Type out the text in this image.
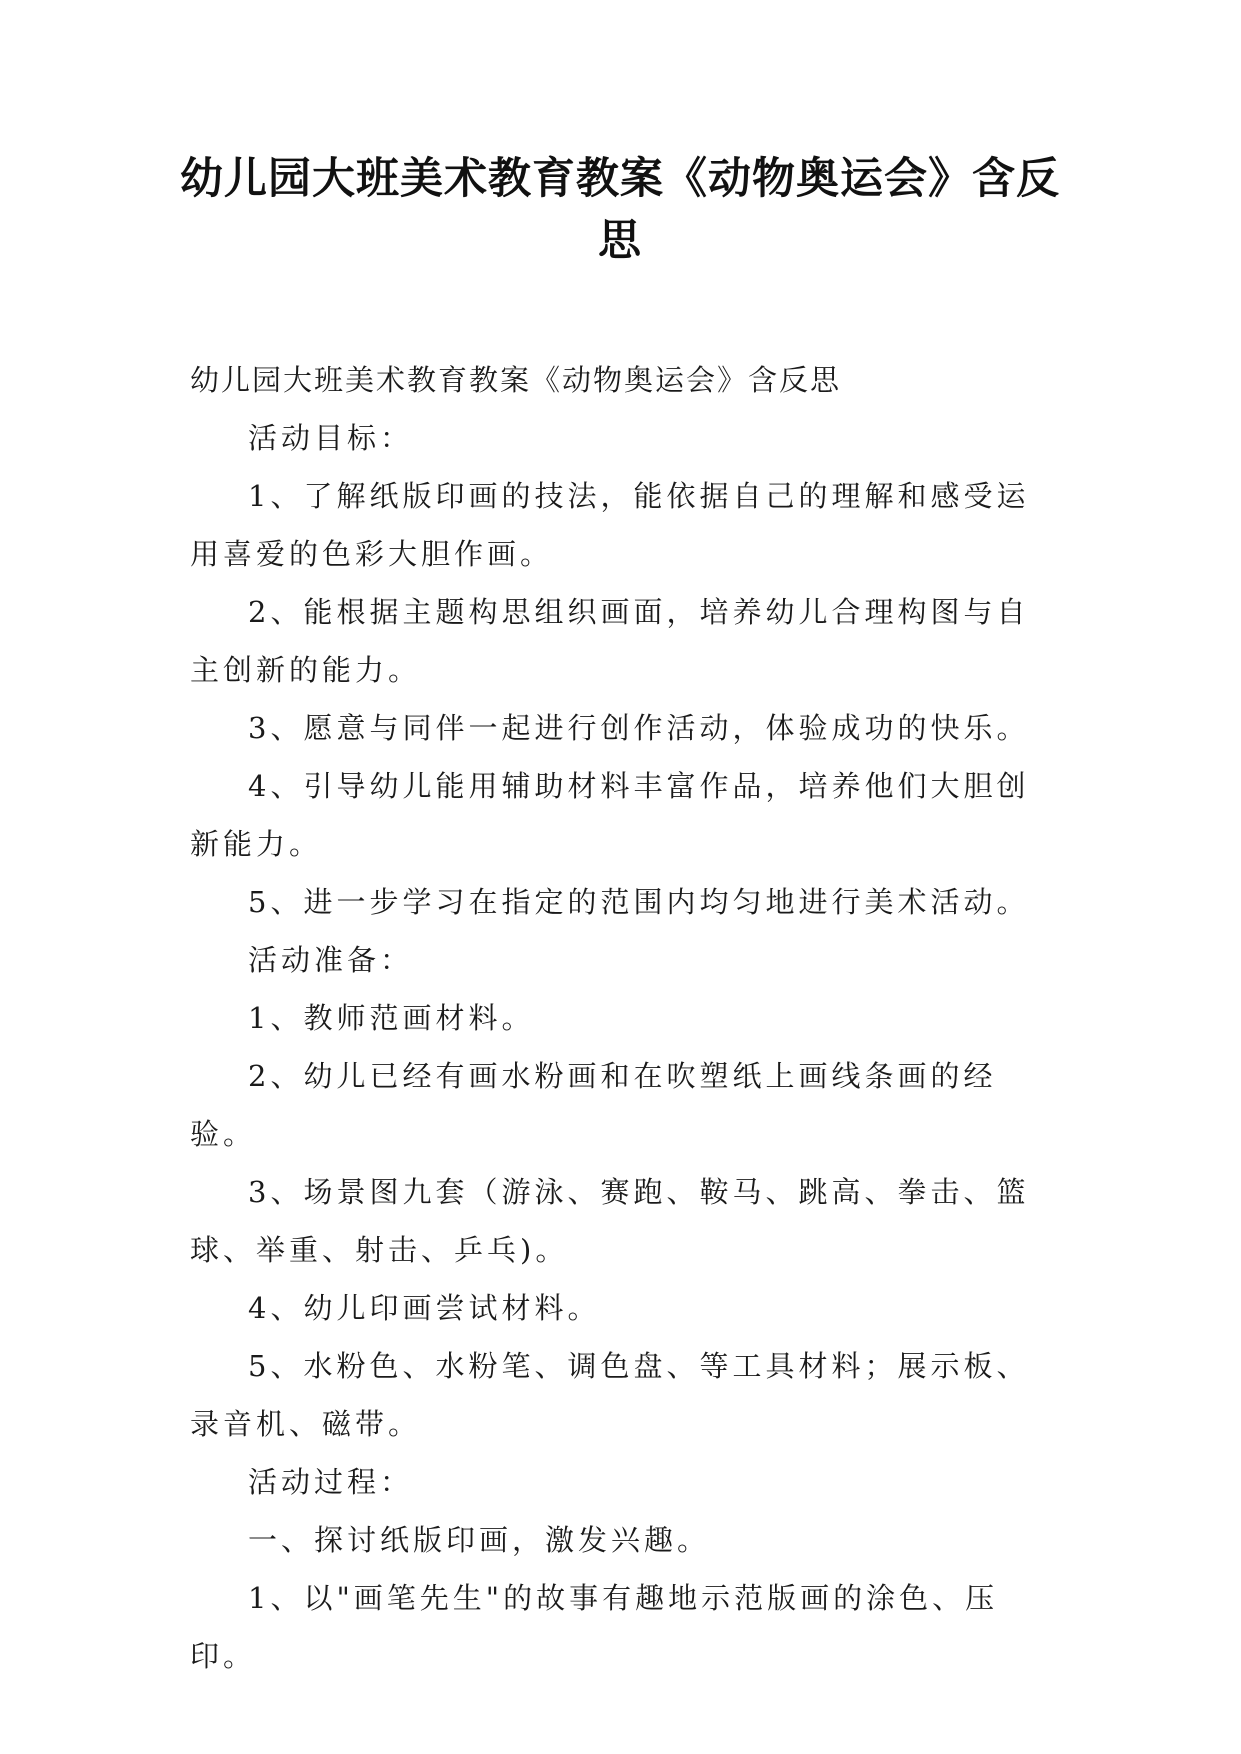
幼儿园大班美术教育教案《动物奥运会》含反思

幼儿园大班美术教育教案《动物奥运会》含反思

活动目标：

1、了解纸版印画的技法，能依据自己的理解和感受运用喜爱的色彩大胆作画。

2、能根据主题构思组织画面，培养幼儿合理构图与自主创新的能力。

3、愿意与同伴一起进行创作活动，体验成功的快乐。

4、引导幼儿能用辅助材料丰富作品，培养他们大胆创新能力。

5、进一步学习在指定的范围内均匀地进行美术活动。

活动准备：

1、教师范画材料。

2、幼儿已经有画水粉画和在吹塑纸上画线条画的经验。

3、场景图九套（游泳、赛跑、鞍马、跳高、拳击、篮球、举重、射击、乒乓)。

4、幼儿印画尝试材料。

5、水粉色、水粉笔、调色盘、等工具材料；展示板、录音机、磁带。

活动过程：

一、探讨纸版印画，激发兴趣。

1、以"画笔先生"的故事有趣地示范版画的涂色、压印。
